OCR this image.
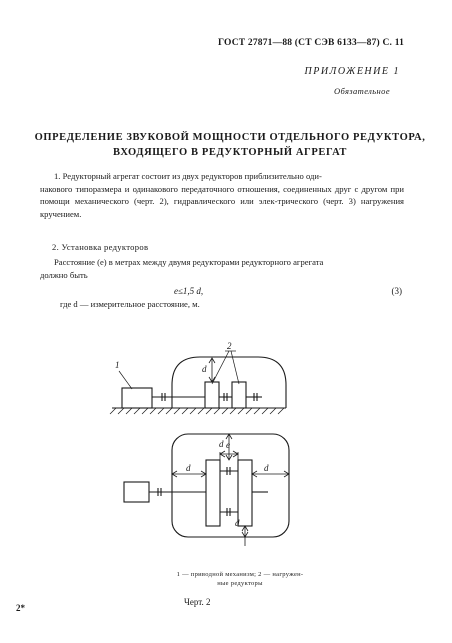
ГОСТ 27871—88 (СТ СЭВ 6133—87) С. 11
ПРИЛОЖЕНИЕ 1
Обязательное
ОПРЕДЕЛЕНИЕ ЗВУКОВОЙ МОЩНОСТИ ОТДЕЛЬНОГО РЕДУКТОРА,
ВХОДЯЩЕГО В РЕДУКТОРНЫЙ АГРЕГАТ
1. Редукторный агрегат состоит из двух редукторов приблизительно оди-
накового типоразмера и одинакового передаточного отношения, соединенных друг с другом при помощи механического (черт. 2), гидравлического или элек-трического (черт. 3) нагружения кручением.
2. Установка редукторов
Расстояние (e) в метрах между двумя редукторами редукторного агрегата
должно быть
e≤1,5 d,	(3)
где d — измерительное расстояние, м.
1
2
d
d e
d	d
d
1 — приводной механизм; 2 — нагружен-
ные редукторы
Черт. 2
2*
